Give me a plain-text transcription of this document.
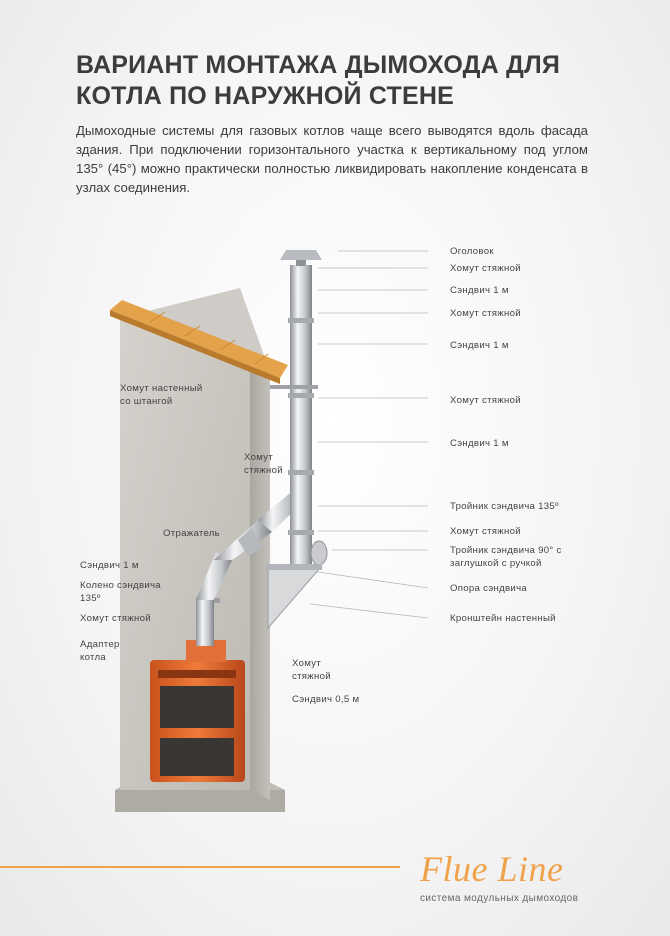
ВАРИАНТ МОНТАЖА ДЫМОХОДА ДЛЯ
КОТЛА ПО НАРУЖНОЙ СТЕНЕ

Дымоходные системы для газовых котлов чаще всего выводятся вдоль фасада здания. При подключении горизонтального участка к вертикальному под углом 135° (45°) можно практически полностью ликвидировать накопление конденсата в узлах соединения.

Оголовок
Хомут стяжной
Сэндвич 1 м
Хомут стяжной
Сэндвич 1 м
Хомут стяжной
Сэндвич 1 м
Тройник сэндвича 135º
Хомут стяжной
Тройник сэндвича 90° с
заглушкой с ручкой
Опора сэндвича
Кронштейн настенный
Хомут настенный
со штангой
Хомут
стяжной
Отражатель
Сэндвич 1 м
Колено сэндвича
135º
Хомут стяжной
Адаптер
котла
Хомут
стяжной
Сэндвич 0,5 м
Flue Line
система модульных дымоходов
